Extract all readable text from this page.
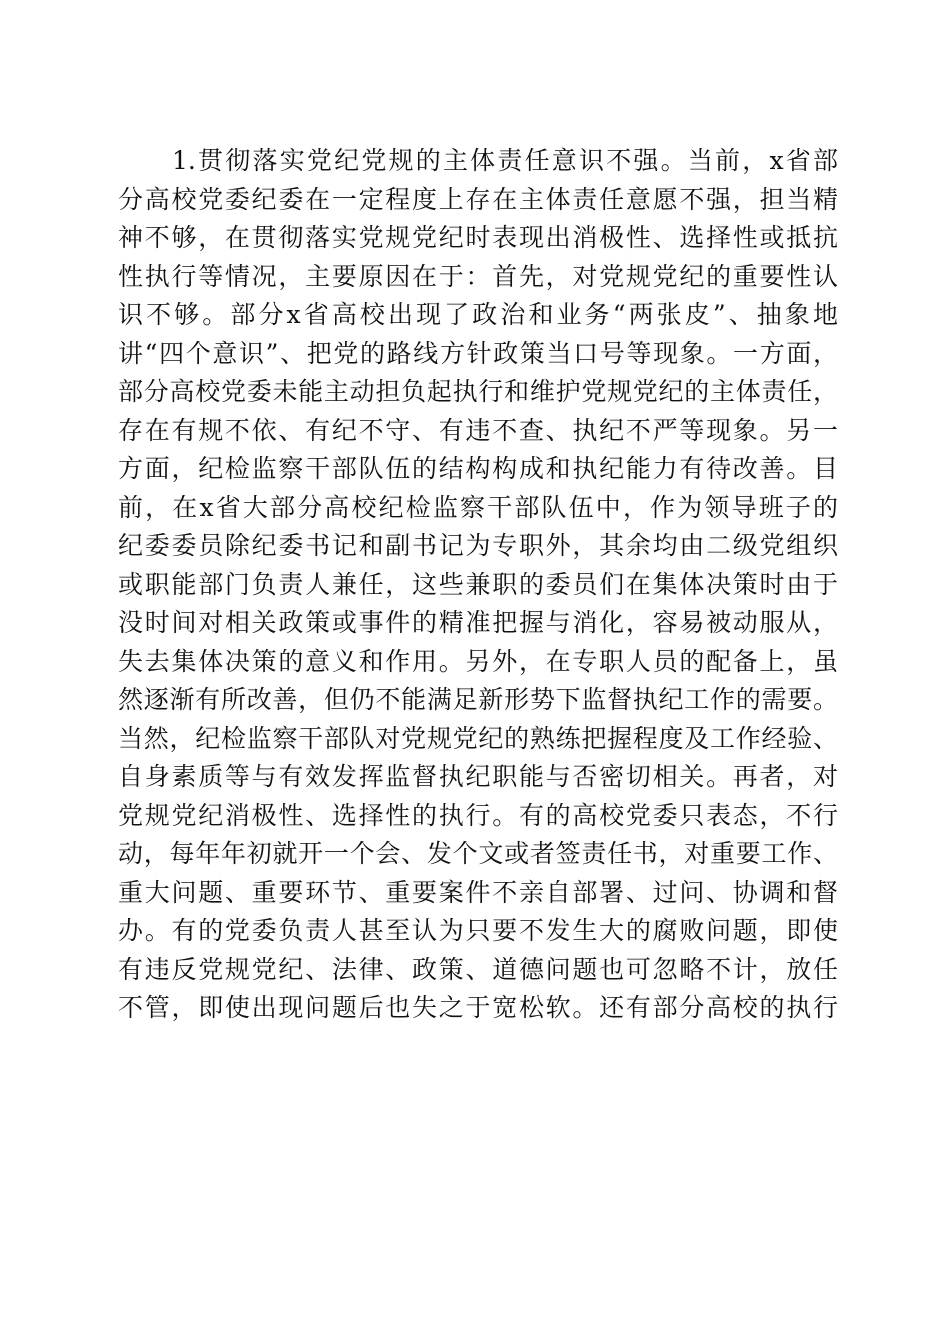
1.贯彻落实党纪党规的主体责任意识不强。当前，x省部
分高校党委纪委在一定程度上存在主体责任意愿不强，担当精
神不够，在贯彻落实党规党纪时表现出消极性、选择性或抵抗
性执行等情况，主要原因在于：首先，对党规党纪的重要性认
识不够。部分x省高校出现了政治和业务“两张皮”、抽象地
讲“四个意识”、把党的路线方针政策当口号等现象。一方面，
部分高校党委未能主动担负起执行和维护党规党纪的主体责任，
存在有规不依、有纪不守、有违不查、执纪不严等现象。另一
方面，纪检监察干部队伍的结构构成和执纪能力有待改善。目
前，在x省大部分高校纪检监察干部队伍中，作为领导班子的
纪委委员除纪委书记和副书记为专职外，其余均由二级党组织
或职能部门负责人兼任，这些兼职的委员们在集体决策时由于
没时间对相关政策或事件的精准把握与消化，容易被动服从，
失去集体决策的意义和作用。另外，在专职人员的配备上，虽
然逐渐有所改善，但仍不能满足新形势下监督执纪工作的需要。
当然，纪检监察干部队对党规党纪的熟练把握程度及工作经验、
自身素质等与有效发挥监督执纪职能与否密切相关。再者，对
党规党纪消极性、选择性的执行。有的高校党委只表态，不行
动，每年年初就开一个会、发个文或者签责任书，对重要工作、
重大问题、重要环节、重要案件不亲自部署、过问、协调和督
办。有的党委负责人甚至认为只要不发生大的腐败问题，即使
有违反党规党纪、法律、政策、道德问题也可忽略不计，放任
不管，即使出现问题后也失之于宽松软。还有部分高校的执行
